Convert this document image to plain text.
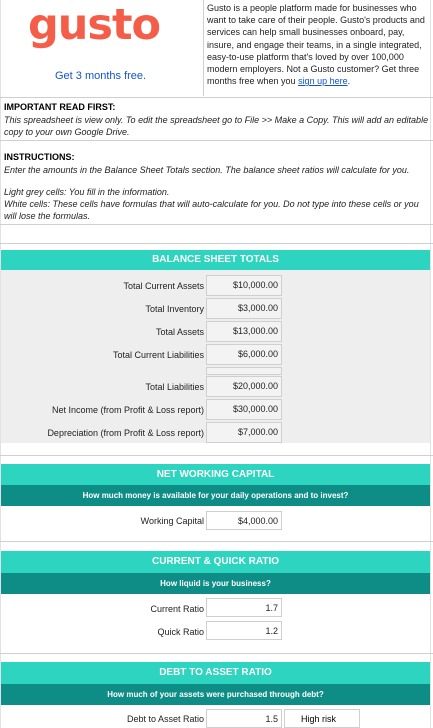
gusto
Get 3 months free.
Gusto is a people platform made for businesses who want to take care of their people. Gusto's products and services can help small businesses onboard, pay, insure, and engage their teams, in a single integrated, easy-to-use platform that's loved by over 100,000 modern employers. Not a Gusto customer? Get three months free when you sign up here.
IMPORTANT READ FIRST:
This spreadsheet is view only. To edit the spreadsheet go to File >> Make a Copy. This will add an editable copy to your own Google Drive.
INSTRUCTIONS:
Enter the amounts in the Balance Sheet Totals section. The balance sheet ratios will calculate for you.
Light grey cells: You fill in the information.
White cells: These cells have formulas that will auto-calculate for you. Do not type into these cells or you will lose the formulas.
BALANCE SHEET TOTALS
Total Current Assets	$10,000.00
Total Inventory	$3,000.00
Total Assets	$13,000.00
Total Current Liabilities	$6,000.00
Total Liabilities	$20,000.00
Net Income (from Profit & Loss report)	$30,000.00
Depreciation (from Profit & Loss report)	$7,000.00
NET WORKING CAPITAL
How much money is available for your daily operations and to invest?
Working Capital	$4,000.00
CURRENT & QUICK RATIO
How liquid is your business?
Current Ratio	1.7
Quick Ratio	1.2
DEBT TO ASSET RATIO
How much of your assets were purchased through debt?
Debt to Asset Ratio	1.5	High risk
